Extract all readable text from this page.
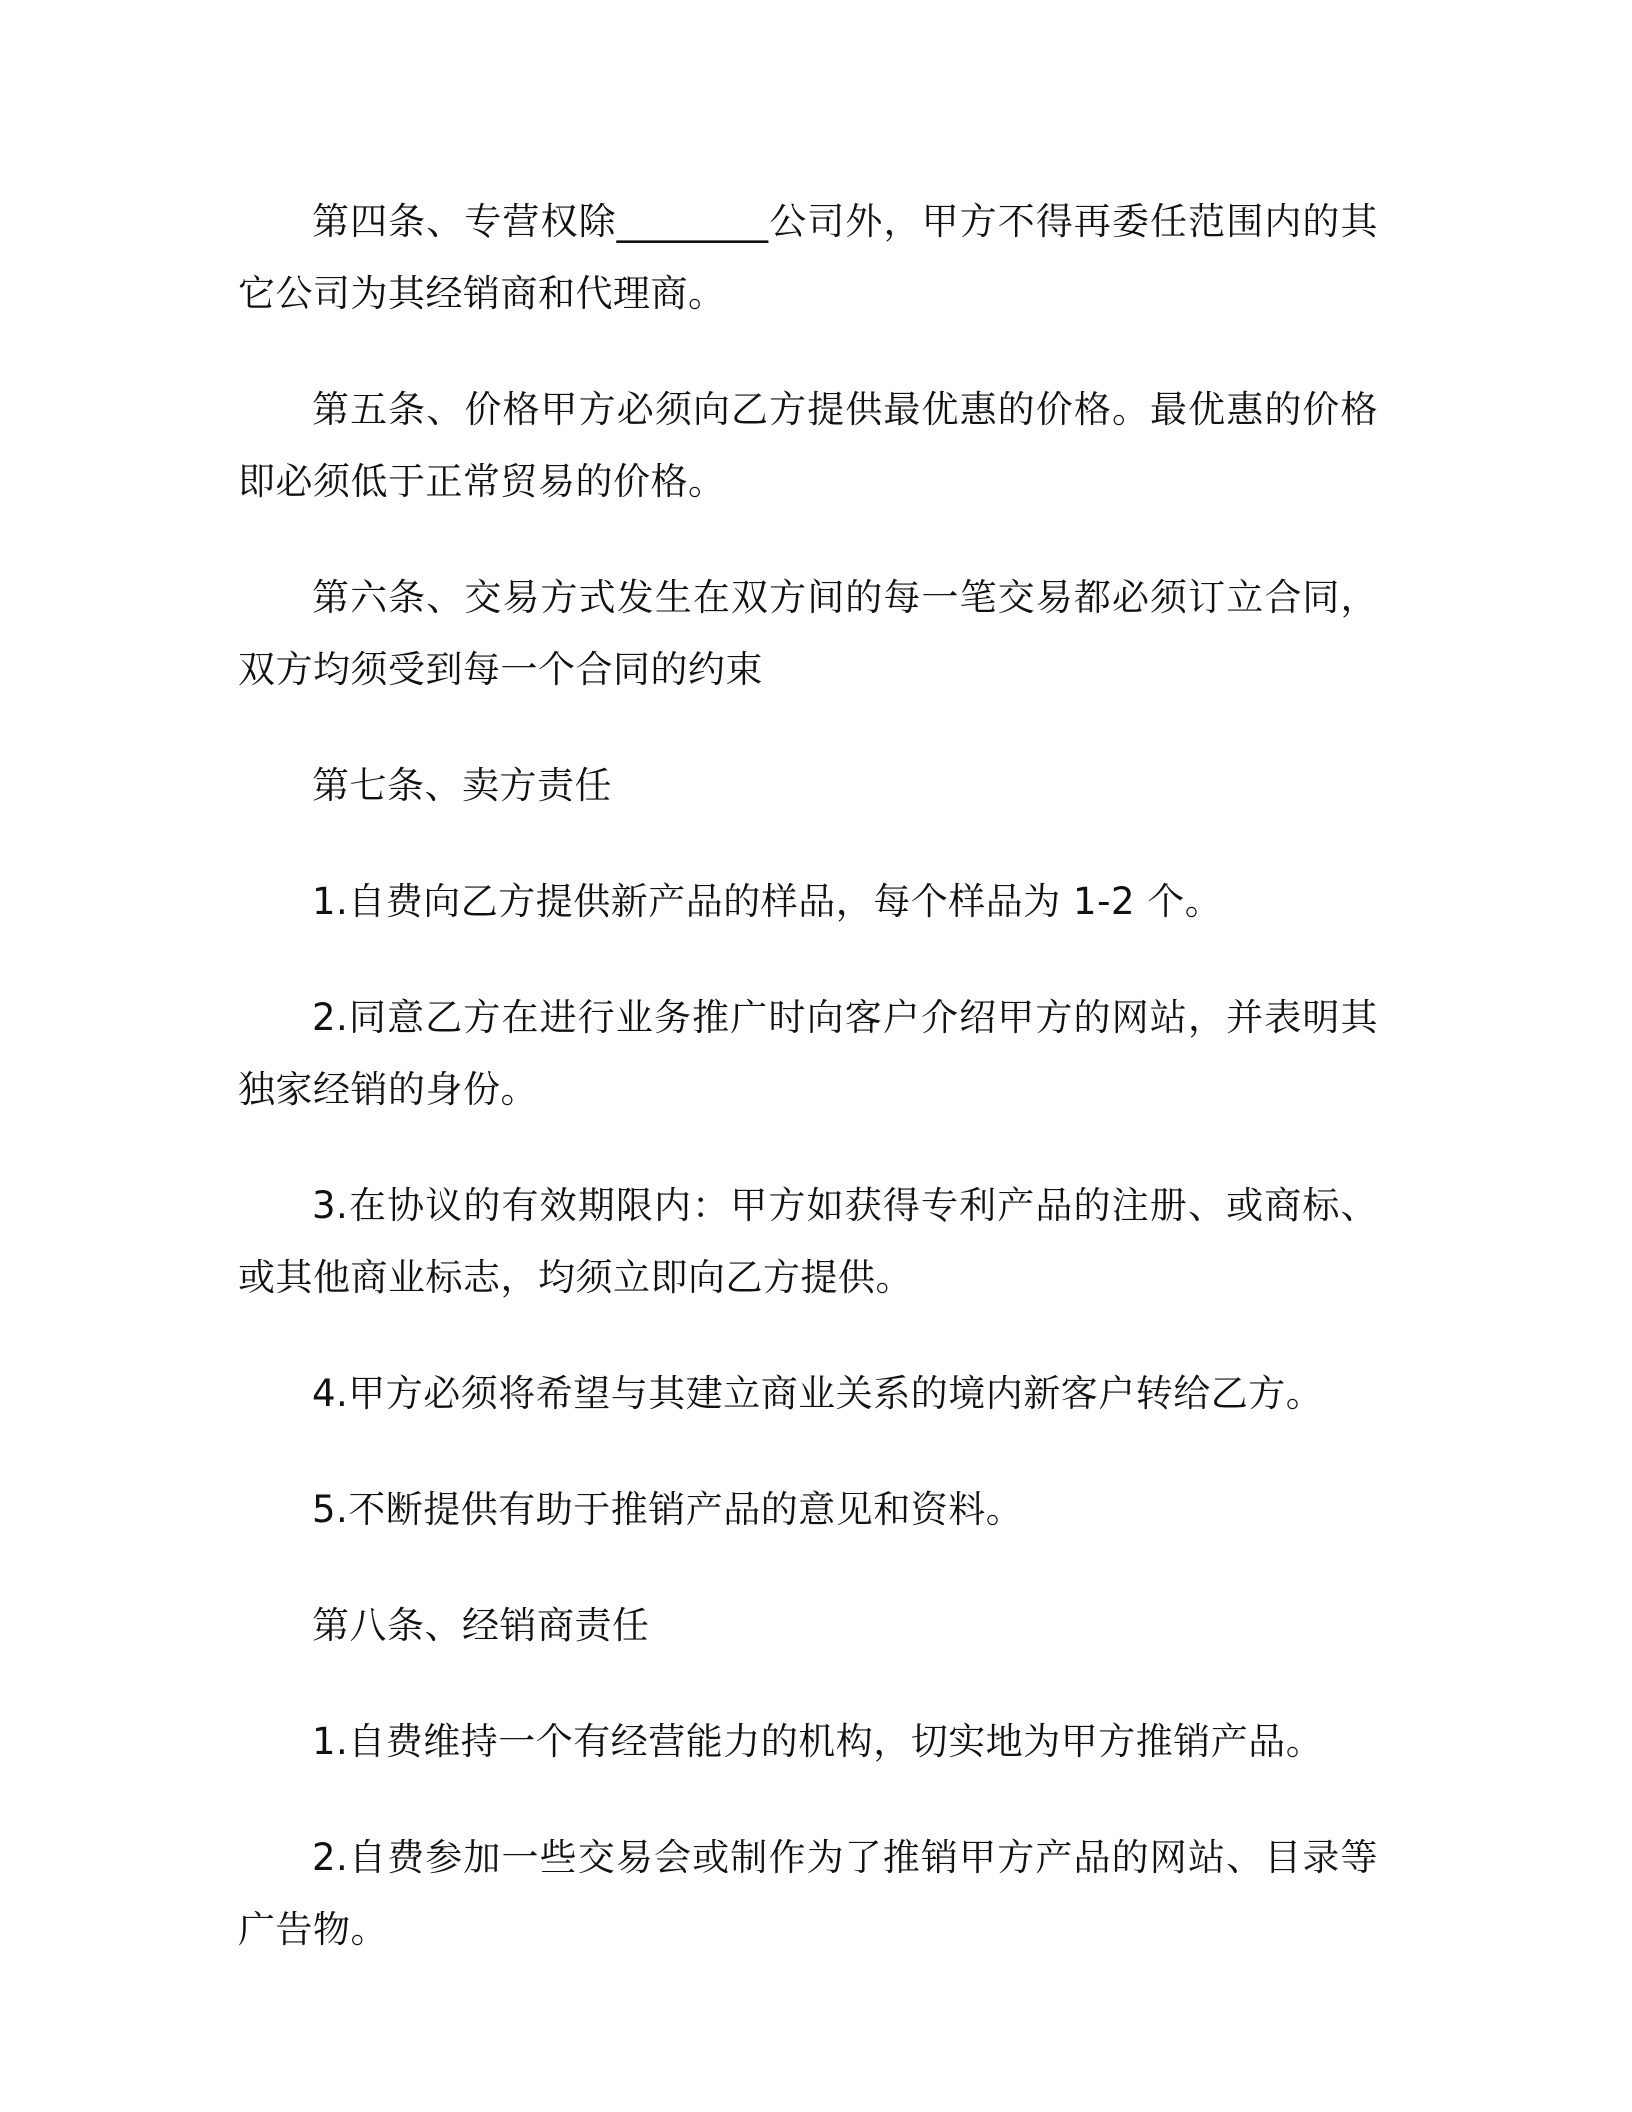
第四条、专营权除________公司外，甲方不得再委任范围内的其它公司为其经销商和代理商。

第五条、价格甲方必须向乙方提供最优惠的价格。最优惠的价格即必须低于正常贸易的价格。

第六条、交易方式发生在双方间的每一笔交易都必须订立合同，双方均须受到每一个合同的约束

第七条、卖方责任

1.自费向乙方提供新产品的样品，每个样品为 1-2 个。

2.同意乙方在进行业务推广时向客户介绍甲方的网站，并表明其独家经销的身份。

3.在协议的有效期限内：甲方如获得专利产品的注册、或商标、或其他商业标志，均须立即向乙方提供。

4.甲方必须将希望与其建立商业关系的境内新客户转给乙方。

5.不断提供有助于推销产品的意见和资料。

第八条、经销商责任

1.自费维持一个有经营能力的机构，切实地为甲方推销产品。

2.自费参加一些交易会或制作为了推销甲方产品的网站、目录等广告物。
